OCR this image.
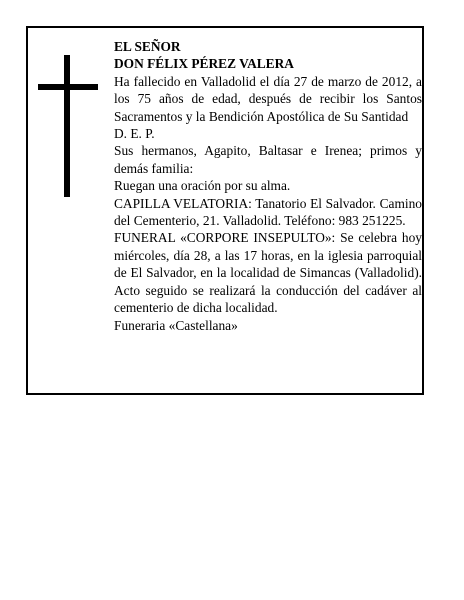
EL SEÑOR

DON FÉLIX PÉREZ VALERA

Ha fallecido en Valladolid el día 27 de marzo de 2012, a los 75 años de edad, después de recibir los Santos Sacramentos y la Bendición Apostólica de Su Santidad

D. E. P.

Sus hermanos, Agapito, Baltasar e Irenea; primos y demás familia:

Ruegan una oración por su alma.

CAPILLA VELATORIA: Tanatorio El Salvador. Camino del Cementerio, 21. Valladolid. Teléfono: 983 251225.

FUNERAL «CORPORE INSEPULTO»: Se celebra hoy miércoles, día 28, a las 17 horas, en la iglesia parroquial de El Salvador, en la localidad de Simancas (Valladolid). Acto seguido se realizará la conducción del cadáver al cementerio de dicha localidad.

Funeraria «Castellana»
